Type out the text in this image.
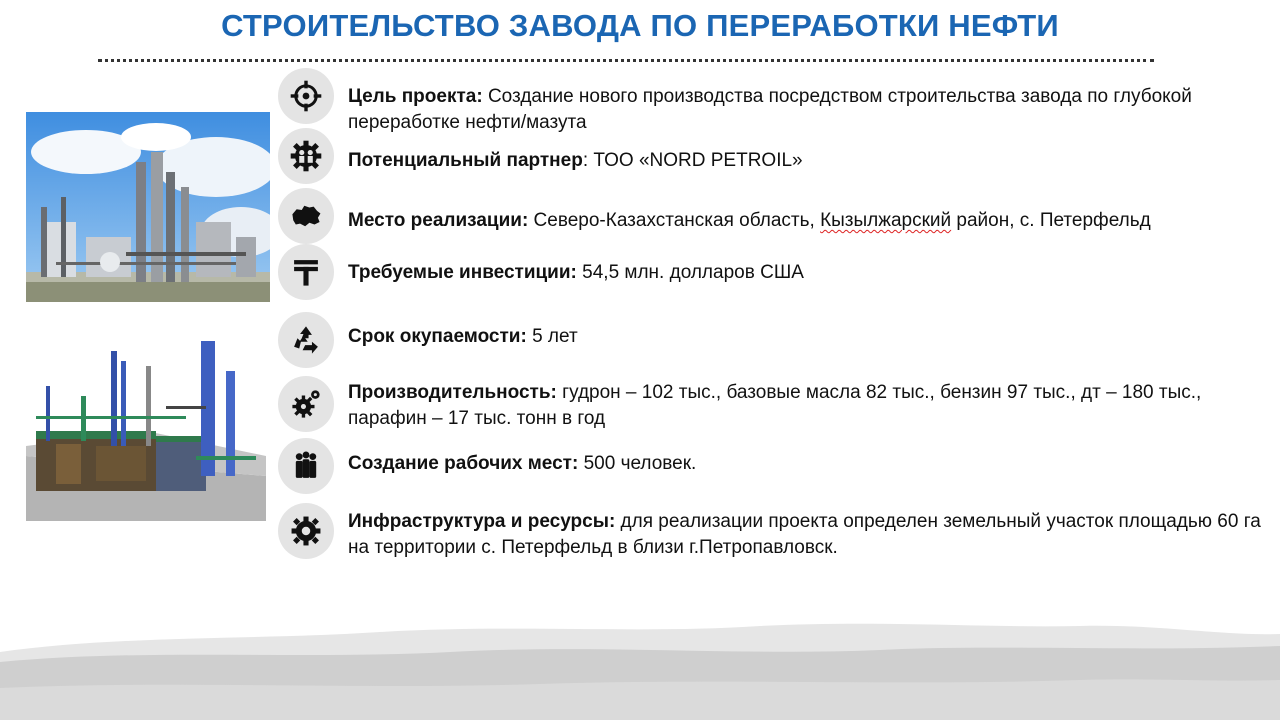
СТРОИТЕЛЬСТВО ЗАВОДА ПО ПЕРЕРАБОТКИ НЕФТИ
Цель проекта: Создание нового производства посредством строительства завода по глубокой переработке нефти/мазута
Потенциальный партнер: ТОО «NORD PETROIL»
Место реализации: Северо-Казахстанская область, Кызылжарский район, с. Петерфельд
Требуемые инвестиции: 54,5 млн. долларов США
Срок окупаемости: 5 лет
Производительность: гудрон – 102 тыс., базовые масла 82 тыс., бензин 97 тыс., дт – 180 тыс., парафин – 17 тыс. тонн в год
Создание рабочих мест: 500 человек.
Инфраструктура и ресурсы: для реализации проекта определен земельный участок площадью 60 га на территории с. Петерфельд в близи г.Петропавловск.
